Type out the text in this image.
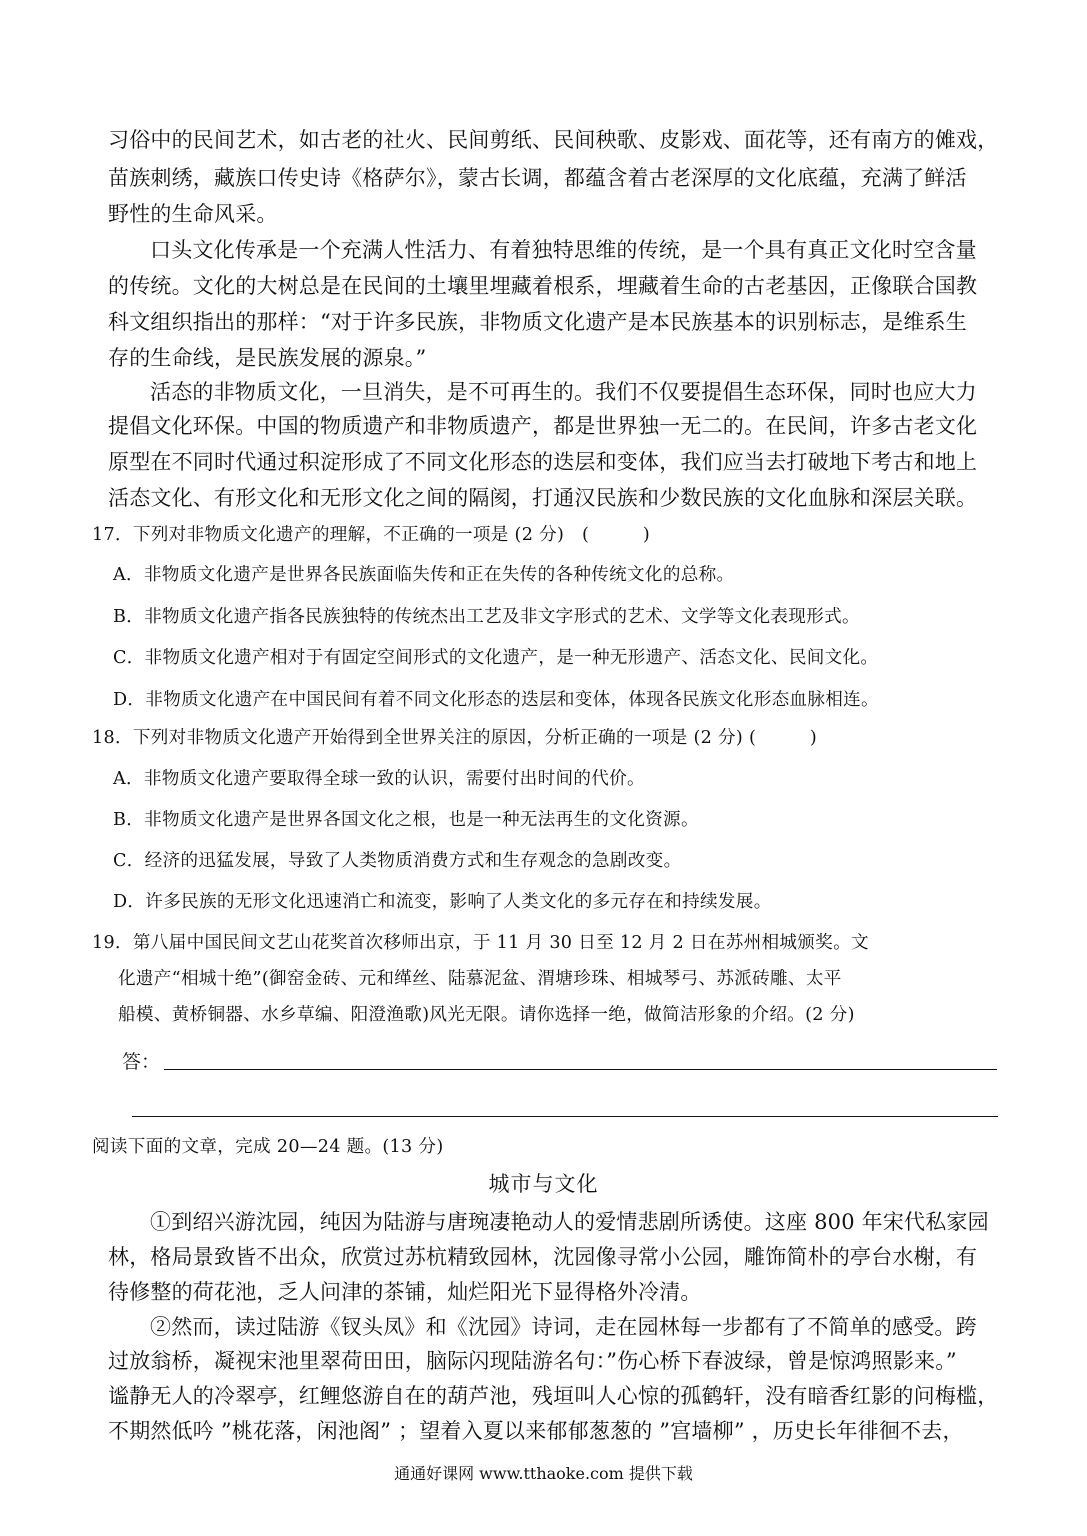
习俗中的民间艺术，如古老的社火、民间剪纸、民间秧歌、皮影戏、面花等，还有南方的傩戏，
苗族刺绣，藏族口传史诗《格萨尔》，蒙古长调，都蕴含着古老深厚的文化底蕴，充满了鲜活
野性的生命风采。
口头文化传承是一个充满人性活力、有着独特思维的传统，是一个具有真正文化时空含量
的传统。文化的大树总是在民间的土壤里埋藏着根系，埋藏着生命的古老基因，正像联合国教
科文组织指出的那样：“对于许多民族，非物质文化遗产是本民族基本的识别标志，是维系生
存的生命线，是民族发展的源泉。”
活态的非物质文化，一旦消失，是不可再生的。我们不仅要提倡生态环保，同时也应大力
提倡文化环保。中国的物质遗产和非物质遗产，都是世界独一无二的。在民间，许多古老文化
原型在不同时代通过积淀形成了不同文化形态的迭层和变体，我们应当去打破地下考古和地上
活态文化、有形文化和无形文化之间的隔阂，打通汉民族和少数民族的文化血脉和深层关联。
17．下列对非物质文化遗产的理解，不正确的一项是 (2 分)　(　　　)
A．非物质文化遗产是世界各民族面临失传和正在失传的各种传统文化的总称。
B．非物质文化遗产指各民族独特的传统杰出工艺及非文字形式的艺术、文学等文化表现形式。
C．非物质文化遗产相对于有固定空间形式的文化遗产，是一种无形遗产、活态文化、民间文化。
D．非物质文化遗产在中国民间有着不同文化形态的迭层和变体，体现各民族文化形态血脉相连。
18．下列对非物质文化遗产开始得到全世界关注的原因，分析正确的一项是 (2 分) (　　　)
A．非物质文化遗产要取得全球一致的认识，需要付出时间的代价。
B．非物质文化遗产是世界各国文化之根，也是一种无法再生的文化资源。
C．经济的迅猛发展，导致了人类物质消费方式和生存观念的急剧改变。
D．许多民族的无形文化迅速消亡和流变，影响了人类文化的多元存在和持续发展。
19．第八届中国民间文艺山花奖首次移师出京，于 11 月 30 日至 12 月 2 日在苏州相城颁奖。文
化遗产“相城十绝”(御窑金砖、元和缂丝、陆慕泥盆、渭塘珍珠、相城琴弓、苏派砖雕、太平
船模、黄桥铜器、水乡草编、阳澄渔歌)风光无限。请你选择一绝，做简洁形象的介绍。(2 分)
答：
阅读下面的文章，完成 20—24 题。(13 分)
城市与文化
①到绍兴游沈园，纯因为陆游与唐琬凄艳动人的爱情悲剧所诱使。这座 800 年宋代私家园
林，格局景致皆不出众，欣赏过苏杭精致园林，沈园像寻常小公园，雕饰简朴的亭台水榭，有
待修整的荷花池，乏人问津的茶铺，灿烂阳光下显得格外冷清。
②然而，读过陆游《钗头凤》和《沈园》诗词，走在园林每一步都有了不简单的感受。跨
过放翁桥，凝视宋池里翠荷田田，脑际闪现陆游名句：”伤心桥下春波绿，曾是惊鸿照影来。”
谧静无人的冷翠亭，红鲤悠游自在的葫芦池，残垣叫人心惊的孤鹤轩，没有暗香红影的问梅槛，
不期然低吟 ”桃花落，闲池阁” ；望着入夏以来郁郁葱葱的 ”宫墙柳” ，历史长年徘徊不去，
通通好课网 www.tthaoke.com 提供下载
